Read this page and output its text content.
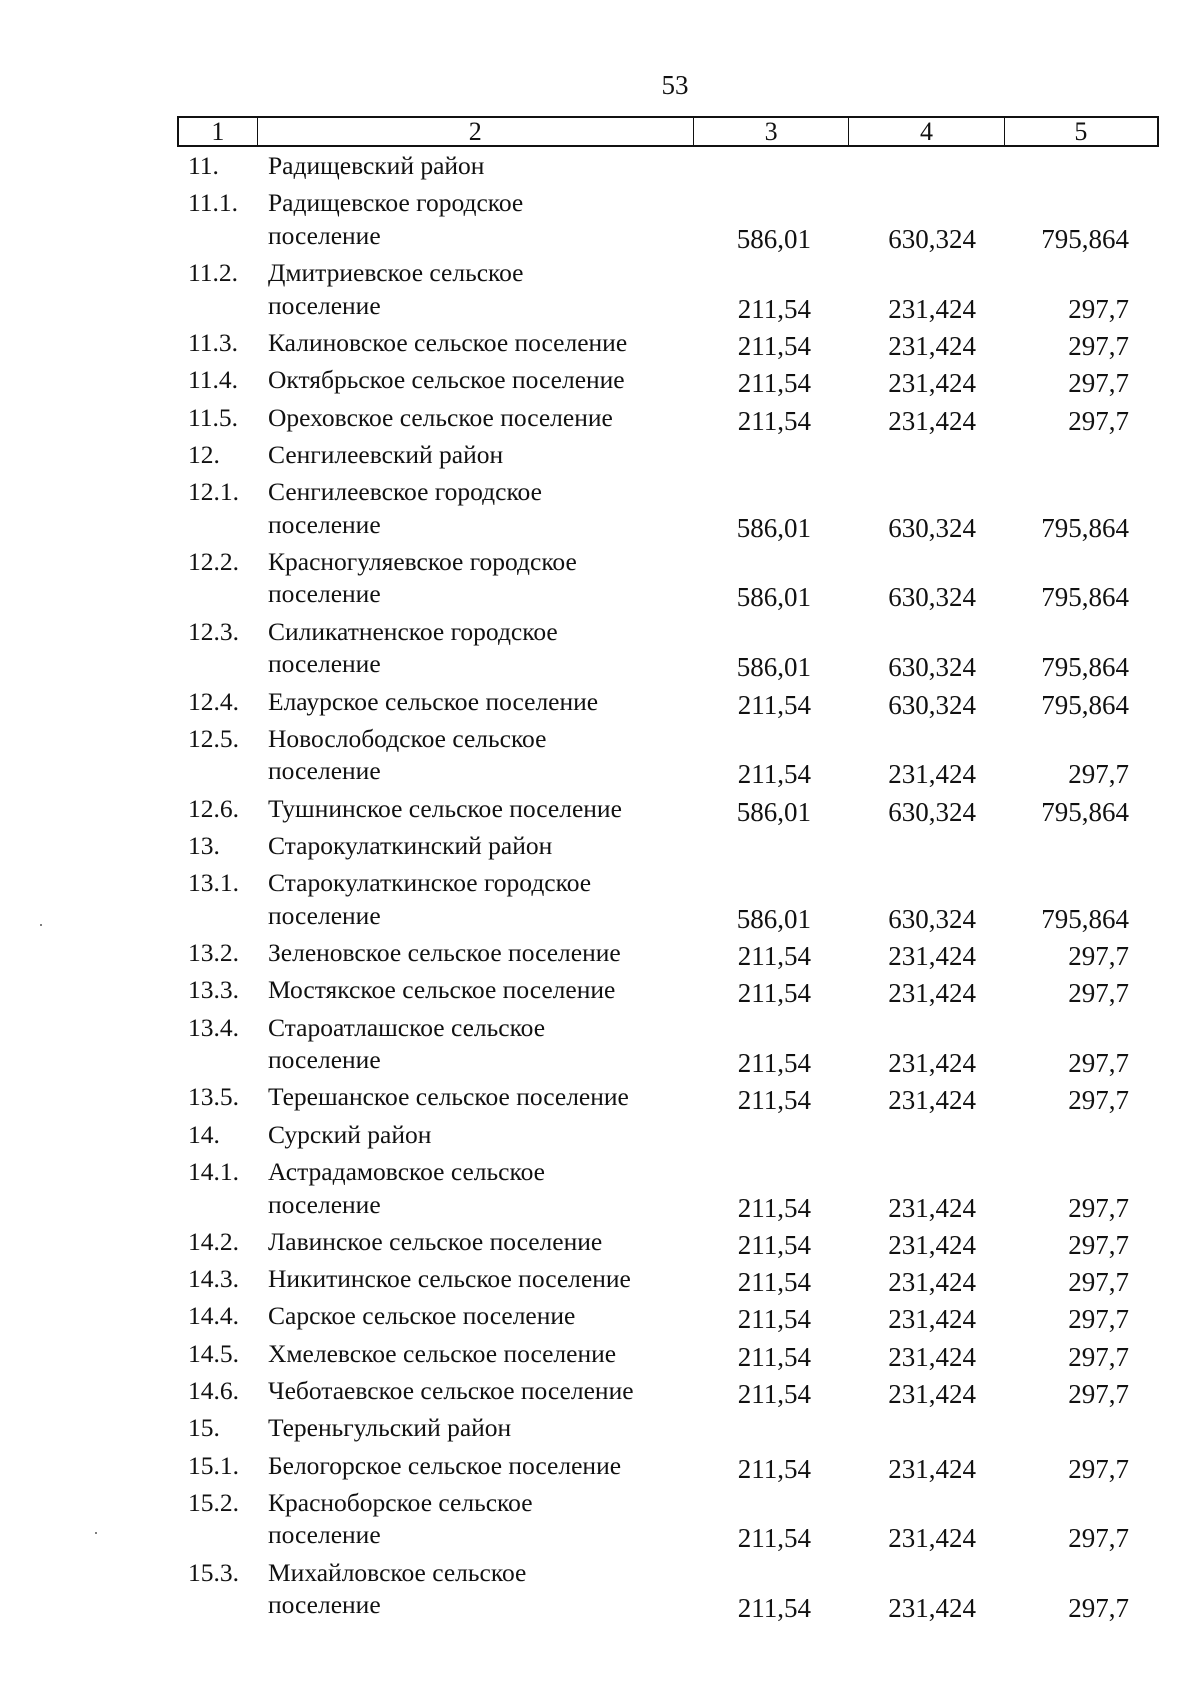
53
1	2	3	4	5
11.	Радищевский район
11.1.	Радищевское городское
поселение	586,01	630,324 795,864
11.2.	Дмитриевское сельское
поселение	211,54	231,424	297,7
11.3.	Калиновское сельское поселение	211,54	231,424	297,7
11.4.	Октябрьское сельское поселение	211,54	231,424	297,7
11.5.	Ореховское сельское поселение	211,54	231,424	297,7
12.	Сенгилеевский район
12.1.	Сенгилеевское городское
поселение	586,01	630,324 795,864
12.2.	Красногуляевское городское
поселение	586,01	630,324 795,864
12.3.	Силикатненское городское
поселение	586,01	630,324 795,864
12.4.	Елаурское сельское поселение	211,54	630,324 795,864
12.5.	Новослободское сельское
поселение	211,54	231,424	297,7
12.6.	Тушнинское сельское поселение	586,01	630,324 795,864
13.	Старокулаткинский район
13.1.	Старокулаткинское городское
поселение	586,01	630,324 795,864
13.2.	Зеленовское сельское поселение	211,54	231,424	297,7
13.3.	Мостякское сельское поселение	211,54	231,424	297,7
13.4.	Староатлашское сельское
поселение	211,54	231,424	297,7
13.5.	Терешанское сельское поселение	211,54	231,424	297,7
14.	Сурский район
14.1.	Астрадамовское сельское
поселение	211,54	231,424	297,7
14.2.	Лавинское сельское поселение	211,54	231,424	297,7
14.3.	Никитинское сельское поселение	211,54	231,424	297,7
14.4.	Сарское сельское поселение	211,54	231,424	297,7
14.5.	Хмелевское сельское поселение	211,54	231,424	297,7
14.6.	Чеботаевское сельское поселение	211,54	231,424	297,7
15.	Тереньгульский район
15.1.	Белогорское сельское поселение	211,54	231,424	297,7
15.2.	Красноборское сельское
поселение	211,54	231,424	297,7
15.3.	Михайловское сельское
поселение	211,54	231,424	297,7
